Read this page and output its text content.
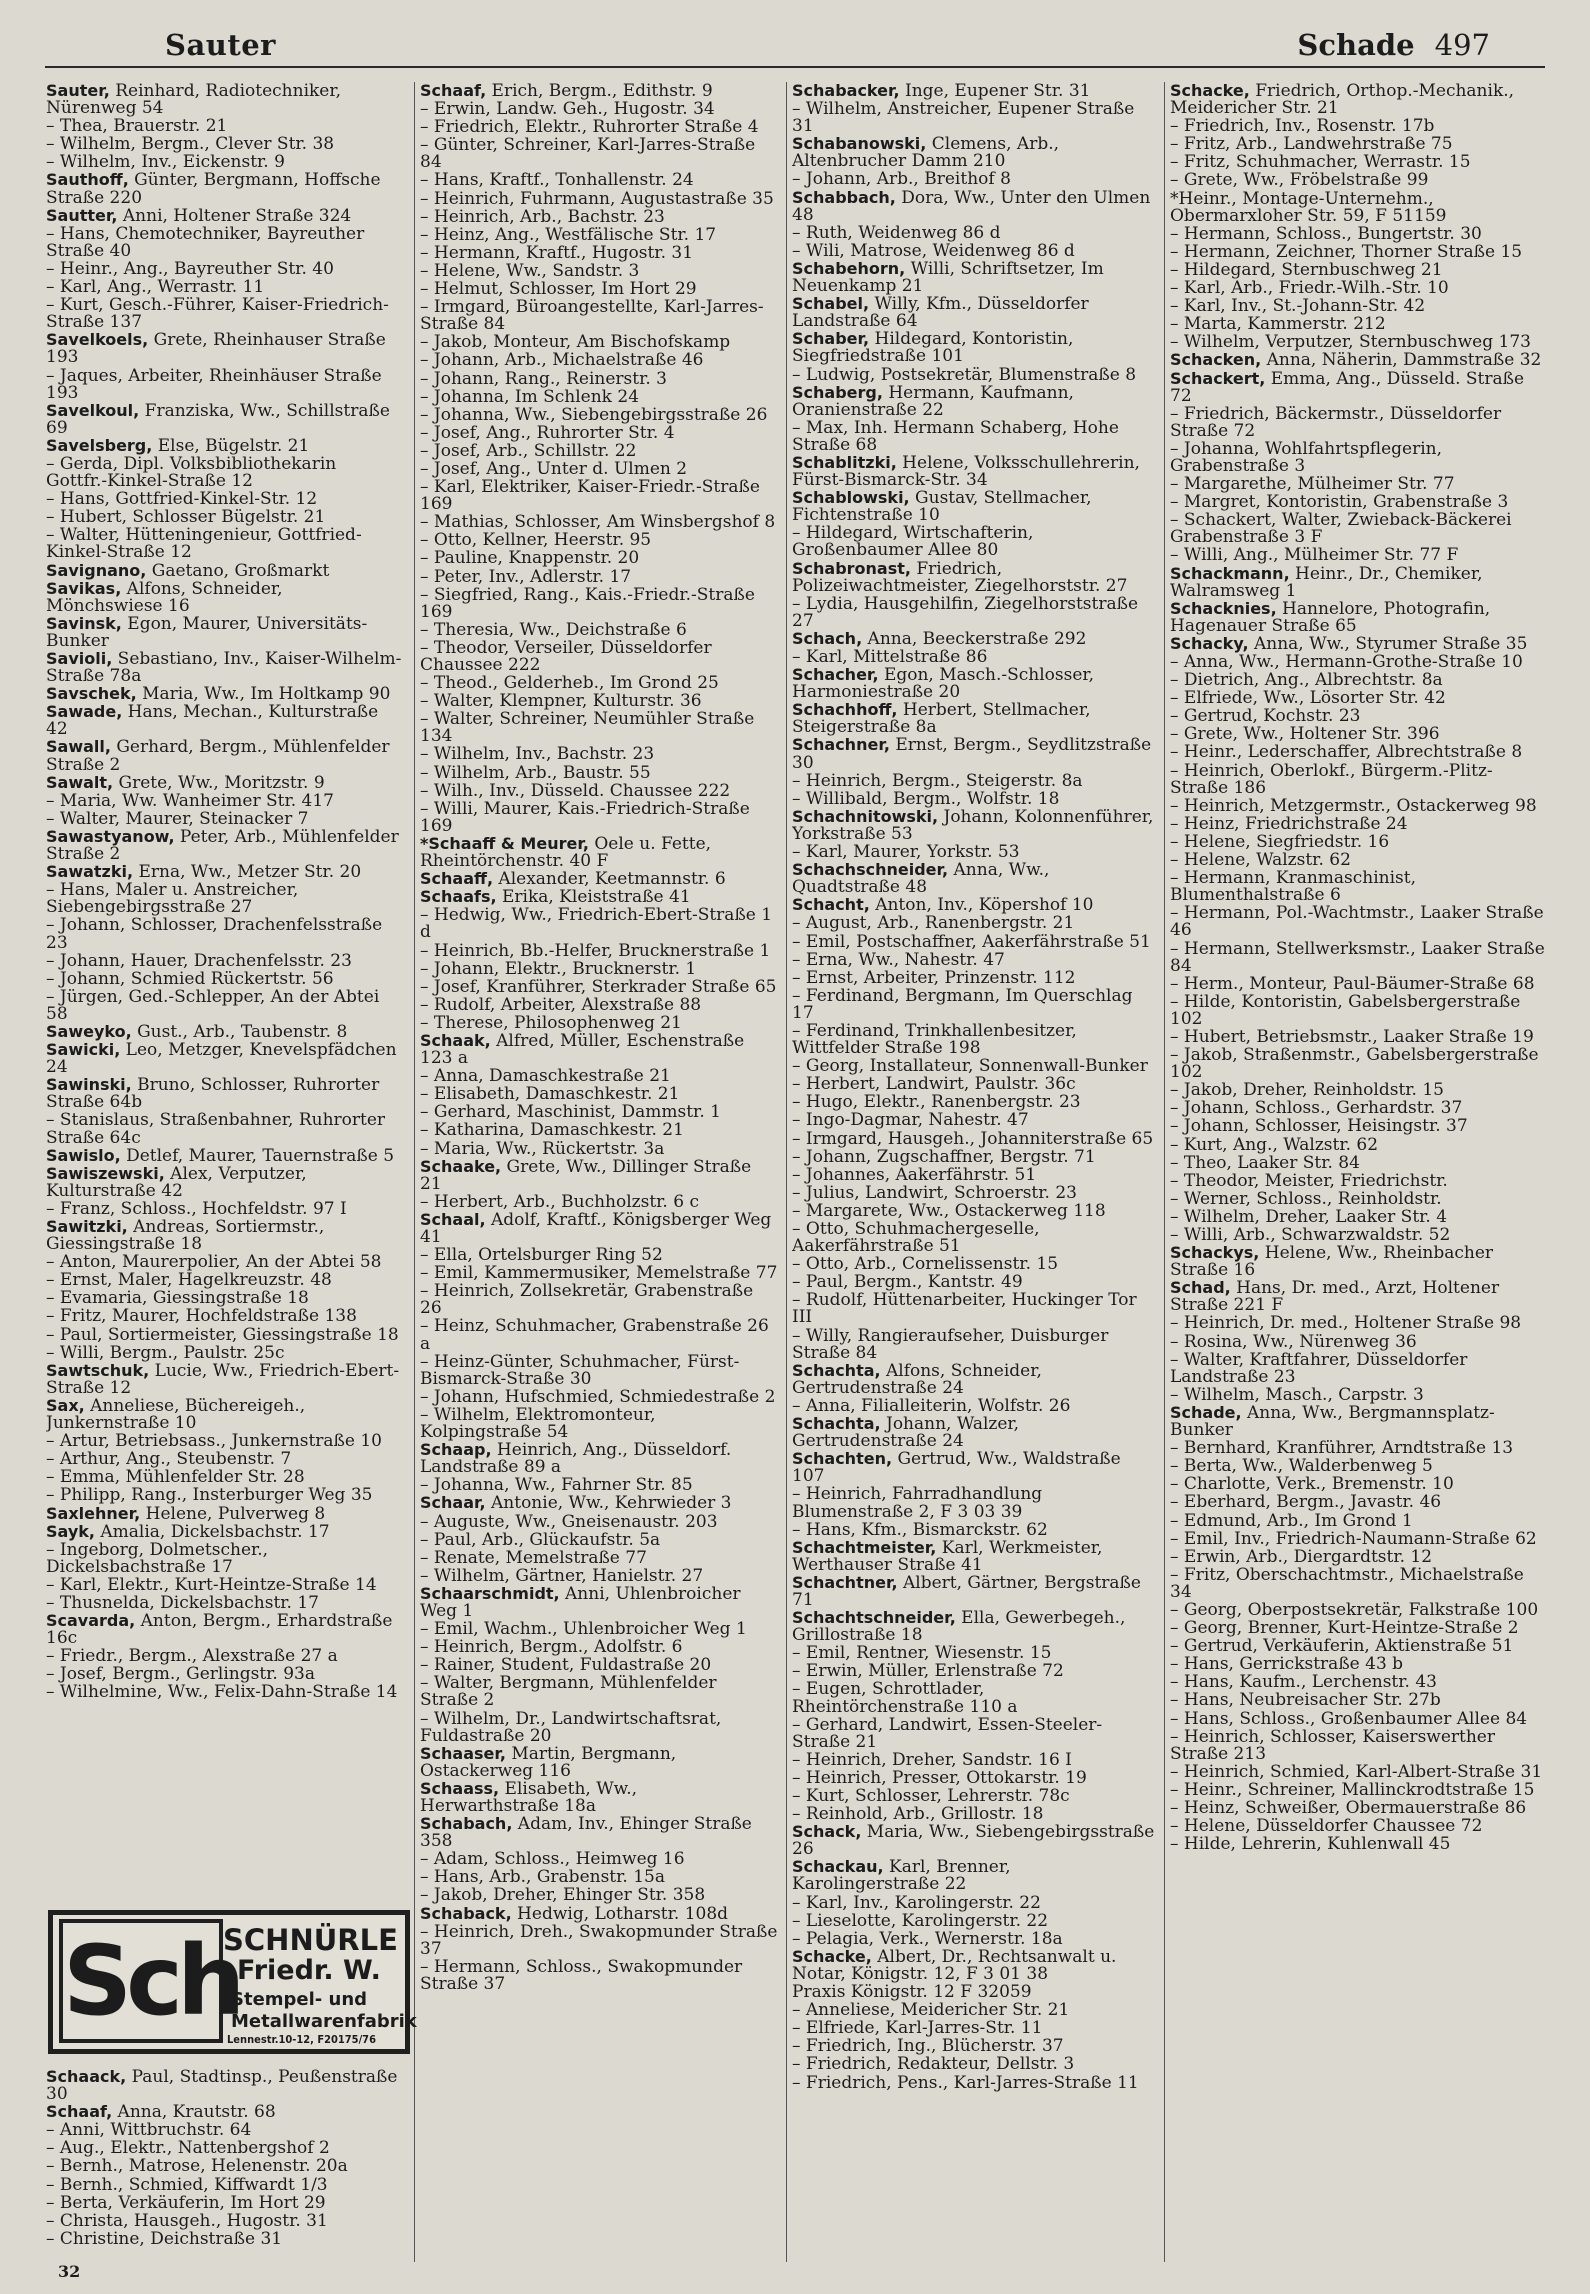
Sauter	Schade 497
Sauter, Reinhard, Radiotechniker, Nürenweg 54
– Thea, Brauerstr. 21
– Wilhelm, Bergm., Clever Str. 38
– Wilhelm, Inv., Eickenstr. 9
Sauthoff, Günter, Bergmann, Hoffsche Straße 220
Sautter, Anni, Holtener Straße 324
– Hans, Chemotechniker, Bayreuther Straße 40
– Heinr., Ang., Bayreuther Str. 40
– Karl, Ang., Werrastr. 11
– Kurt, Gesch.-Führer, Kaiser-Friedrich-Straße 137
Savelkoels, Grete, Rheinhauser Straße 193
– Jaques, Arbeiter, Rheinhäuser Straße 193
Savelkoul, Franziska, Ww., Schillstraße 69
Savelsberg, Else, Bügelstr. 21
– Gerda, Dipl. Volksbibliothekarin Gottfr.-Kinkel-Straße 12
– Hans, Gottfried-Kinkel-Str. 12
– Hubert, Schlosser Bügelstr. 21
– Walter, Hütteningenieur, Gottfried-Kinkel-Straße 12
Savignano, Gaetano, Großmarkt
Savikas, Alfons, Schneider, Mönchswiese 16
Savinsk, Egon, Maurer, Universitäts-Bunker
Savioli, Sebastiano, Inv., Kaiser-Wilhelm-Straße 78a
Savschek, Maria, Ww., Im Holtkamp 90
Sawade, Hans, Mechan., Kulturstraße 42
Sawall, Gerhard, Bergm., Mühlenfelder Straße 2
Sawalt, Grete, Ww., Moritzstr. 9
– Maria, Ww. Wanheimer Str. 417
– Walter, Maurer, Steinacker 7
Sawastyanow, Peter, Arb., Mühlenfelder Straße 2
Sawatzki, Erna, Ww., Metzer Str. 20
– Hans, Maler u. Anstreicher, Siebengebirgsstraße 27
– Johann, Schlosser, Drachenfelsstraße 23
– Johann, Hauer, Drachenfelsstr. 23
– Johann, Schmied Rückertstr. 56
– Jürgen, Ged.-Schlepper, An der Abtei 58
Saweyko, Gust., Arb., Taubenstr. 8
Sawicki, Leo, Metzger, Knevelspfädchen 24
Sawinski, Bruno, Schlosser, Ruhrorter Straße 64b
– Stanislaus, Straßenbahner, Ruhrorter Straße 64c
Sawislo, Detlef, Maurer, Tauernstraße 5
Sawiszewski, Alex, Verputzer, Kulturstraße 42
– Franz, Schloss., Hochfeldstr. 97 I
Sawitzki, Andreas, Sortiermstr., Giessingstraße 18
– Anton, Maurerpolier, An der Abtei 58
– Ernst, Maler, Hagelkreuzstr. 48
– Evamaria, Giessingstraße 18
– Fritz, Maurer, Hochfeldstraße 138
– Paul, Sortiermeister, Giessingstraße 18
– Willi, Bergm., Paulstr. 25c
Sawtschuk, Lucie, Ww., Friedrich-Ebert-Straße 12
Sax, Anneliese, Büchereigeh., Junkernstraße 10
– Artur, Betriebsass., Junkernstraße 10
– Arthur, Ang., Steubenstr. 7
– Emma, Mühlenfelder Str. 28
– Philipp, Rang., Insterburger Weg 35
Saxlehner, Helene, Pulverweg 8
Sayk, Amalia, Dickelsbachstr. 17
– Ingeborg, Dolmetscher., Dickelsbachstraße 17
– Karl, Elektr., Kurt-Heintze-Straße 14
– Thusnelda, Dickelsbachstr. 17
Scavarda, Anton, Bergm., Erhardstraße 16c
– Friedr., Bergm., Alexstraße 27 a
– Josef, Bergm., Gerlingstr. 93a
– Wilhelmine, Ww., Felix-Dahn-Straße 14
Schaaf, Erich, Bergm., Edithstr. 9
– Erwin, Landw. Geh., Hugostr. 34
– Friedrich, Elektr., Ruhrorter Straße 4
– Günter, Schreiner, Karl-Jarres-Straße 84
– Hans, Kraftf., Tonhallenstr. 24
– Heinrich, Fuhrmann, Augustastraße 35
– Heinrich, Arb., Bachstr. 23
– Heinz, Ang., Westfälische Str. 17
– Hermann, Kraftf., Hugostr. 31
– Helene, Ww., Sandstr. 3
– Helmut, Schlosser, Im Hort 29
– Irmgard, Büroangestellte, Karl-Jarres-Straße 84
– Jakob, Monteur, Am Bischofskamp
– Johann, Arb., Michaelstraße 46
– Johann, Rang., Reinerstr. 3
– Johanna, Im Schlenk 24
– Johanna, Ww., Siebengebirgsstraße 26
– Josef, Ang., Ruhrorter Str. 4
– Josef, Arb., Schillstr. 22
– Josef, Ang., Unter d. Ulmen 2
– Karl, Elektriker, Kaiser-Friedr.-Straße 169
– Mathias, Schlosser, Am Winsbergshof 8
– Otto, Kellner, Heerstr. 95
– Pauline, Knappenstr. 20
– Peter, Inv., Adlerstr. 17
– Siegfried, Rang., Kais.-Friedr.-Straße 169
– Theresia, Ww., Deichstraße 6
– Theodor, Verseiler, Düsseldorfer Chaussee 222
– Theod., Gelderheb., Im Grond 25
– Walter, Klempner, Kulturstr. 36
– Walter, Schreiner, Neumühler Straße 134
– Wilhelm, Inv., Bachstr. 23
– Wilhelm, Arb., Baustr. 55
– Wilh., Inv., Düsseld. Chaussee 222
– Willi, Maurer, Kais.-Friedrich-Straße 169
*Schaaff & Meurer, Oele u. Fette, Rheintörchenstr. 40 F
Schaaff, Alexander, Keetmannstr. 6
Schaafs, Erika, Kleiststraße 41
– Hedwig, Ww., Friedrich-Ebert-Straße 1 d
– Heinrich, Bb.-Helfer, Brucknerstraße 1
– Johann, Elektr., Brucknerstr. 1
– Josef, Kranführer, Sterkrader Straße 65
– Rudolf, Arbeiter, Alexstraße 88
– Therese, Philosophenweg 21
Schaak, Alfred, Müller, Eschenstraße 123 a
– Anna, Damaschkestraße 21
– Elisabeth, Damaschkestr. 21
– Gerhard, Maschinist, Dammstr. 1
– Katharina, Damaschkestr. 21
– Maria, Ww., Rückertstr. 3a
Schaake, Grete, Ww., Dillinger Straße 21
– Herbert, Arb., Buchholzstr. 6 c
Schaal, Adolf, Kraftf., Königsberger Weg 41
– Ella, Ortelsburger Ring 52
– Emil, Kammermusiker, Memelstraße 77
– Heinrich, Zollsekretär, Grabenstraße 26
– Heinz, Schuhmacher, Grabenstraße 26 a
– Heinz-Günter, Schuhmacher, Fürst-Bismarck-Straße 30
– Johann, Hufschmied, Schmiedestraße 2
– Wilhelm, Elektromonteur, Kolpingstraße 54
Schaap, Heinrich, Ang., Düsseldorf. Landstraße 89 a
– Johanna, Ww., Fahrner Str. 85
Schaar, Antonie, Ww., Kehrwieder 3
– Auguste, Ww., Gneisenaustr. 203
– Paul, Arb., Glückaufstr. 5a
– Renate, Memelstraße 77
– Wilhelm, Gärtner, Hanielstr. 27
Schaarschmidt, Anni, Uhlenbroicher Weg 1
– Emil, Wachm., Uhlenbroicher Weg 1
– Heinrich, Bergm., Adolfstr. 6
– Rainer, Student, Fuldastraße 20
– Walter, Bergmann, Mühlenfelder Straße 2
– Wilhelm, Dr., Landwirtschaftsrat, Fuldastraße 20
Schaaser, Martin, Bergmann, Ostackerweg 116
Schaass, Elisabeth, Ww., Herwarthstraße 18a
Schabach, Adam, Inv., Ehinger Straße 358
– Adam, Schloss., Heimweg 16
– Hans, Arb., Grabenstr. 15a
– Jakob, Dreher, Ehinger Str. 358
Schaback, Hedwig, Lotharstr. 108d
– Heinrich, Dreh., Swakopmunder Straße 37
– Hermann, Schloss., Swakopmunder Straße 37
Schabacker, Inge, Eupener Str. 31
– Wilhelm, Anstreicher, Eupener Straße 31
Schabanowski, Clemens, Arb., Altenbrucher Damm 210
– Johann, Arb., Breithof 8
Schabbach, Dora, Ww., Unter den Ulmen 48
– Ruth, Weidenweg 86 d
– Wili, Matrose, Weidenweg 86 d
Schabehorn, Willi, Schriftsetzer, Im Neuenkamp 21
Schabel, Willy, Kfm., Düsseldorfer Landstraße 64
Schaber, Hildegard, Kontoristin, Siegfriedstraße 101
– Ludwig, Postsekretär, Blumenstraße 8
Schaberg, Hermann, Kaufmann, Oranienstraße 22
– Max, Inh. Hermann Schaberg, Hohe Straße 68
Schablitzki, Helene, Volksschullehrerin, Fürst-Bismarck-Str. 34
Schablowski, Gustav, Stellmacher, Fichtenstraße 10
– Hildegard, Wirtschafterin, Großenbaumer Allee 80
Schabronast, Friedrich, Polizeiwachtmeister, Ziegelhorststr. 27
– Lydia, Hausgehilfin, Ziegelhorststraße 27
Schach, Anna, Beeckerstraße 292
– Karl, Mittelstraße 86
Schacher, Egon, Masch.-Schlosser, Harmoniestraße 20
Schachhoff, Herbert, Stellmacher, Steigerstraße 8a
Schachner, Ernst, Bergm., Seydlitzstraße 30
– Heinrich, Bergm., Steigerstr. 8a
– Willibald, Bergm., Wolfstr. 18
Schachnitowski, Johann, Kolonnenführer, Yorkstraße 53
– Karl, Maurer, Yorkstr. 53
Schachschneider, Anna, Ww., Quadtstraße 48
Schacht, Anton, Inv., Köpershof 10
– August, Arb., Ranenbergstr. 21
– Emil, Postschaffner, Aakerfährstraße 51
– Erna, Ww., Nahestr. 47
– Ernst, Arbeiter, Prinzenstr. 112
– Ferdinand, Bergmann, Im Querschlag 17
– Ferdinand, Trinkhallenbesitzer, Wittfelder Straße 198
– Georg, Installateur, Sonnenwall-Bunker
– Herbert, Landwirt, Paulstr. 36c
– Hugo, Elektr., Ranenbergstr. 23
– Ingo-Dagmar, Nahestr. 47
– Irmgard, Hausgeh., Johanniterstraße 65
– Johann, Zugschaffner, Bergstr. 71
– Johannes, Aakerfährstr. 51
– Julius, Landwirt, Schroerstr. 23
– Margarete, Ww., Ostackerweg 118
– Otto, Schuhmachergeselle, Aakerfährstraße 51
– Otto, Arb., Cornelissenstr. 15
– Paul, Bergm., Kantstr. 49
– Rudolf, Hüttenarbeiter, Huckinger Tor III
– Willy, Rangieraufseher, Duisburger Straße 84
Schachta, Alfons, Schneider, Gertrudenstraße 24
– Anna, Filialleiterin, Wolfstr. 26
Schachta, Johann, Walzer, Gertrudenstraße 24
Schachten, Gertrud, Ww., Waldstraße 107
– Heinrich, Fahrradhandlung Blumenstraße 2, F 3 03 39
– Hans, Kfm., Bismarckstr. 62
Schachtmeister, Karl, Werkmeister, Werthauser Straße 41
Schachtner, Albert, Gärtner, Bergstraße 71
Schachtschneider, Ella, Gewerbegeh., Grillostraße 18
– Emil, Rentner, Wiesenstr. 15
– Erwin, Müller, Erlenstraße 72
– Eugen, Schrottlader, Rheintörchenstraße 110 a
– Gerhard, Landwirt, Essen-Steeler-Straße 21
– Heinrich, Dreher, Sandstr. 16 I
– Heinrich, Presser, Ottokarstr. 19
– Kurt, Schlosser, Lehrerstr. 78c
– Reinhold, Arb., Grillostr. 18
Schack, Maria, Ww., Siebengebirgsstraße 26
Schackau, Karl, Brenner, Karolingerstraße 22
– Karl, Inv., Karolingerstr. 22
– Lieselotte, Karolingerstr. 22
– Pelagia, Verk., Wernerstr. 18a
Schacke, Albert, Dr., Rechtsanwalt u. Notar, Königstr. 12, F 3 01 38
Praxis Königstr. 12 F 32059
– Anneliese, Meidericher Str. 21
– Elfriede, Karl-Jarres-Str. 11
– Friedrich, Ing., Blücherstr. 37
– Friedrich, Redakteur, Dellstr. 3
– Friedrich, Pens., Karl-Jarres-Straße 11
Schacke, Friedrich, Orthop.-Mechanik., Meidericher Str. 21
– Friedrich, Inv., Rosenstr. 17b
– Fritz, Arb., Landwehrstraße 75
– Fritz, Schuhmacher, Werrastr. 15
– Grete, Ww., Fröbelstraße 99
*Heinr., Montage-Unternehm., Obermarxloher Str. 59, F 51159
– Hermann, Schloss., Bungertstr. 30
– Hermann, Zeichner, Thorner Straße 15
– Hildegard, Sternbuschweg 21
– Karl, Arb., Friedr.-Wilh.-Str. 10
– Karl, Inv., St.-Johann-Str. 42
– Marta, Kammerstr. 212
– Wilhelm, Verputzer, Sternbuschweg 173
Schacken, Anna, Näherin, Dammstraße 32
Schackert, Emma, Ang., Düsseld. Straße 72
– Friedrich, Bäckermstr., Düsseldorfer Straße 72
– Johanna, Wohlfahrtspflegerin, Grabenstraße 3
– Margarethe, Mülheimer Str. 77
– Margret, Kontoristin, Grabenstraße 3
– Schackert, Walter, Zwieback-Bäckerei Grabenstraße 3 F
– Willi, Ang., Mülheimer Str. 77 F
Schackmann, Heinr., Dr., Chemiker, Walramsweg 1
Schacknies, Hannelore, Photografin, Hagenauer Straße 65
Schacky, Anna, Ww., Styrumer Straße 35
– Anna, Ww., Hermann-Grothe-Straße 10
– Dietrich, Ang., Albrechtstr. 8a
– Elfriede, Ww., Lösorter Str. 42
– Gertrud, Kochstr. 23
– Grete, Ww., Holtener Str. 396
– Heinr., Lederschaffer, Albrechtstraße 8
– Heinrich, Oberlokf., Bürgerm.-Plitz-Straße 186
– Heinrich, Metzgermstr., Ostackerweg 98
– Heinz, Friedrichstraße 24
– Helene, Siegfriedstr. 16
– Helene, Walzstr. 62
– Hermann, Kranmaschinist, Blumenthalstraße 6
– Hermann, Pol.-Wachtmstr., Laaker Straße 46
– Hermann, Stellwerksmstr., Laaker Straße 84
– Herm., Monteur, Paul-Bäumer-Straße 68
– Hilde, Kontoristin, Gabelsbergerstraße 102
– Hubert, Betriebsmstr., Laaker Straße 19
– Jakob, Straßenmstr., Gabelsbergerstraße 102
– Jakob, Dreher, Reinholdstr. 15
– Johann, Schloss., Gerhardstr. 37
– Johann, Schlosser, Heisingstr. 37
– Kurt, Ang., Walzstr. 62
– Theo, Laaker Str. 84
– Theodor, Meister, Friedrichstr.
– Werner, Schloss., Reinholdstr.
– Wilhelm, Dreher, Laaker Str. 4
– Willi, Arb., Schwarzwaldstr. 52
Schackys, Helene, Ww., Rheinbacher Straße 16
Schad, Hans, Dr. med., Arzt, Holtener Straße 221 F
– Heinrich, Dr. med., Holtener Straße 98
– Rosina, Ww., Nürenweg 36
– Walter, Kraftfahrer, Düsseldorfer Landstraße 23
– Wilhelm, Masch., Carpstr. 3
Schade, Anna, Ww., Bergmannsplatz-Bunker
– Bernhard, Kranführer, Arndtstraße 13
– Berta, Ww., Walderbenweg 5
– Charlotte, Verk., Bremenstr. 10
– Eberhard, Bergm., Javastr. 46
– Edmund, Arb., Im Grond 1
– Emil, Inv., Friedrich-Naumann-Straße 62
– Erwin, Arb., Diergardtstr. 12
– Fritz, Oberschachtmstr., Michaelstraße 34
– Georg, Oberpostsekretär, Falkstraße 100
– Georg, Brenner, Kurt-Heintze-Straße 2
– Gertrud, Verkäuferin, Aktienstraße 51
– Hans, Gerrickstraße 43 b
– Hans, Kaufm., Lerchenstr. 43
– Hans, Neubreisacher Str. 27b
– Hans, Schloss., Großenbaumer Allee 84
– Heinrich, Schlosser, Kaiserswerther Straße 213
– Heinrich, Schmied, Karl-Albert-Straße 31
– Heinr., Schreiner, Mallinckrodtstraße 15
– Heinz, Schweißer, Obermauerstraße 86
– Helene, Düsseldorfer Chaussee 72
– Hilde, Lehrerin, Kuhlenwall 45
Sch
SCHNÜRLE
Friedr. W.
Stempel- und
Metallwarenfabrik
Lennestr.10-12, F20175/76
Schaack, Paul, Stadtinsp., Peußenstraße 30
Schaaf, Anna, Krautstr. 68
– Anni, Wittbruchstr. 64
– Aug., Elektr., Nattenbergshof 2
– Bernh., Matrose, Helenenstr. 20a
– Bernh., Schmied, Kiffwardt 1/3
– Berta, Verkäuferin, Im Hort 29
– Christa, Hausgeh., Hugostr. 31
– Christine, Deichstraße 31
32
